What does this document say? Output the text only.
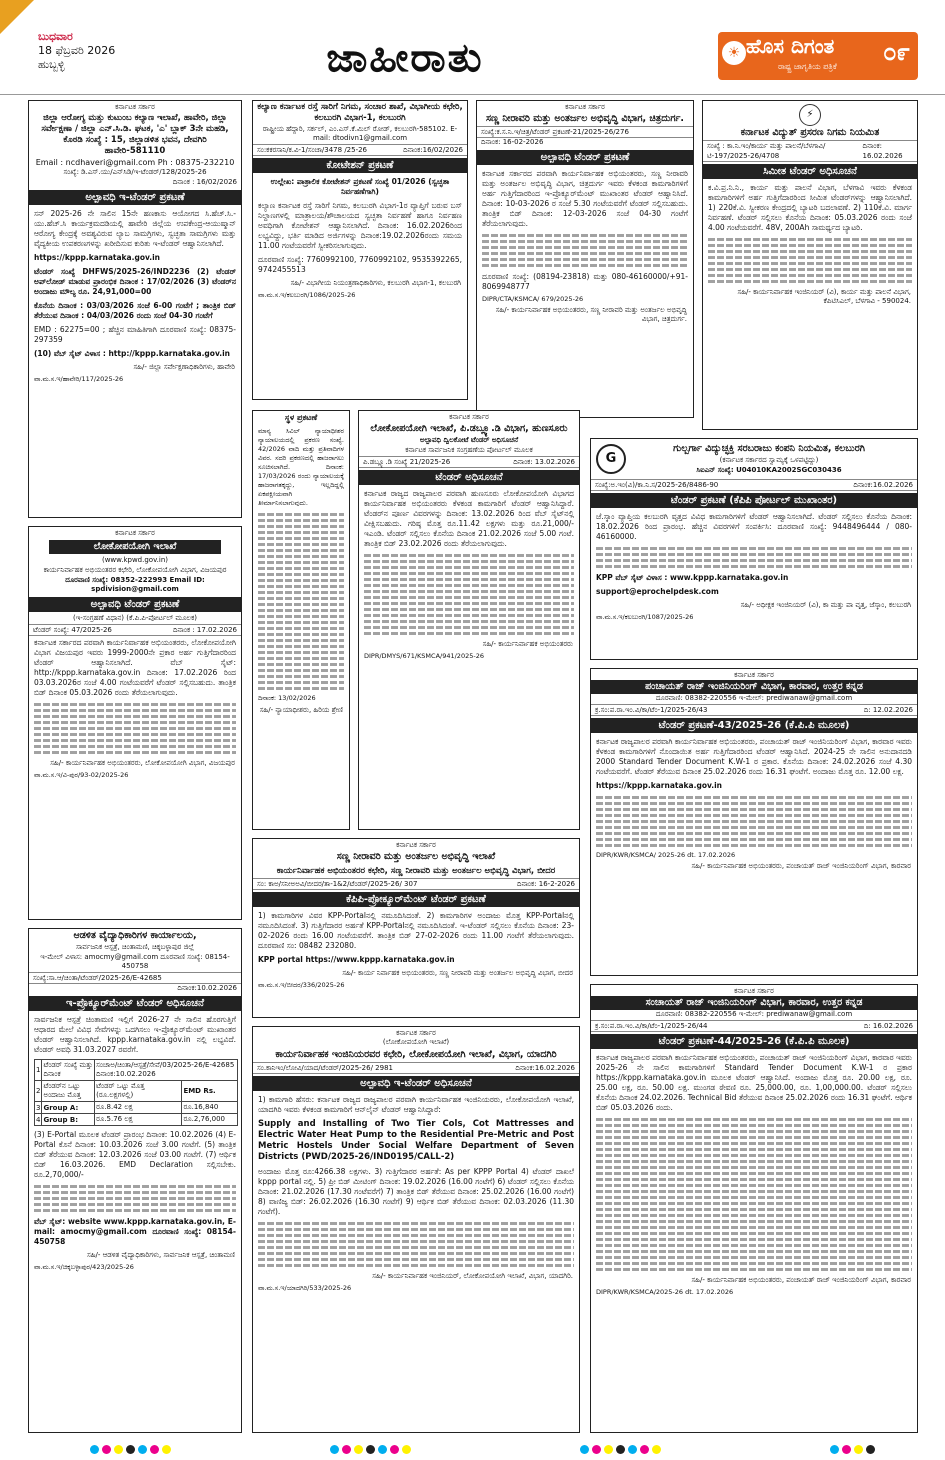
ಬುಧವಾರ
18 ಫೆಬ್ರವರಿ 2026
ಹುಬ್ಬಳ್ಳಿ	ಜಾಹೀರಾತು	☀ ಹೊಸ ದಿಗಂತ
ರಾಷ್ಟ್ರ ಜಾಗೃತಿಯ ಪತ್ರಿಕೆ
೦೯
ಕರ್ನಾಟಕ ಸರ್ಕಾರ
ಜಿಲ್ಲಾ ಆರೋಗ್ಯ ಮತ್ತು ಕುಟುಂಬ ಕಲ್ಯಾಣ ಇಲಾಖೆ, ಹಾವೇರಿ, ಜಿಲ್ಲಾ ಸರ್ವೇಕ್ಷಣಾ / ಜಿಲ್ಲಾ ಎನ್.ಸಿ.ಡಿ. ಘಟಕ, 'ಎ' ಬ್ಲಾಕ್ 3ನೇ ಮಹಡಿ, ಕೊಠಡಿ ಸಂಖ್ಯೆ : 15, ಜಿಲ್ಲಾಡಳಿತ ಭವನ, ದೇವಗಿರಿ ಹಾವೇರಿ-581110
Email : ncdhaveri@gmail.com Ph : 08375-232210
ಸಂಖ್ಯೆ: ಡಿ.ಎಸ್.ಯು/ಎನ್‌ಸಿಡಿ/ಇ-ಟೆಂಡರ್/128/2025-26
ದಿನಾಂಕ : 16/02/2026
ಅಲ್ಪಾವಧಿ ಇ-ಟೆಂಡರ್ ಪ್ರಕಟಣೆ
ಸನ್ 2025-26 ನೇ ಸಾಲಿನ 15ನೇ ಹಣಕಾಸು ಆಯೋಗದ ಸಿ.ಹೆಚ್.ಸಿ.-ಯು.ಹೆಚ್.ಸಿ ಕಾರ್ಯಕ್ರಮದಡಿಯಲ್ಲಿ ಹಾವೇರಿ ಜಿಲ್ಲೆಯ ಉಪಕೇಂದ್ರ-ಆಯುಷ್ಮಾನ್ ಆರೋಗ್ಯ ಕೇಂದ್ರಕ್ಕೆ ಅವಶ್ಯವಿರುವ ಲ್ಯಾಬ ಸಾಮಗ್ರಿಗಳು, ಸ್ವಚ್ಛತಾ ಸಾಮಗ್ರಿಗಳು ಮತ್ತು ವೈದ್ಯಕೀಯ ಉಪಕರಣಗಳನ್ನು ಖರೀದಿಸುವ ಕುರಿತು ಇ-ಟೆಂಡರ್ ಆಹ್ವಾನಿಸಲಾಗಿದೆ.
https://kppp.karnataka.gov.in
ಟೆಂಡರ್ ಸಂಖ್ಯೆ DHFWS/2025-26/IND2236 (2) ಟೆಂಡರ್ ಅಪ್‌ಲೋಡ್ ಮಾಡುವ ಪ್ರಾರಂಭಿಕ ದಿನಾಂಕ : 17/02/2026 (3) ಟೆಂಡರ್‌ನ ಅಂದಾಜು ಮೌಲ್ಯ ರೂ. 24,91,000=00
ಕೊನೆಯ ದಿನಾಂಕ : 03/03/2026 ಸಂಜೆ 6-00 ಗಂಟೆಗೆ ; ತಾಂತ್ರಿಕ ಬಿಡ್ ತೆರೆಯುವ ದಿನಾಂಕ : 04/03/2026 ರಂದು ಸಂಜೆ 04-30 ಗಂಟೆಗೆ
EMD : 62275=00 ; ಹೆಚ್ಚಿನ ಮಾಹಿತಿಗಾಗಿ ದೂರವಾಣಿ ಸಂಖ್ಯೆ: 08375-297359
(10) ವೆಬ್ ಸೈಟ್ ವಿಳಾಸ : http://kppp.karnataka.gov.in
ಸಹಿ/- ಜಿಲ್ಲಾ ಸರ್ವೇಕ್ಷಣಾಧಿಕಾರಿಗಳು, ಹಾವೇರಿ
ವಾ.ಮ.ಸ.ಇ/ಹಾವೇರಿ/117/2025-26
ಕಲ್ಯಾಣ ಕರ್ನಾಟಕ ರಸ್ತೆ ಸಾರಿಗೆ ನಿಗಮ, ಸಂಚಾರ ಶಾಖೆ, ವಿಭಾಗೀಯ ಕಛೇರಿ, ಕಲಬುರಗಿ ವಿಭಾಗ-1, ಕಲಬುರಗಿ
ರಾಷ್ಟ್ರೀಯ ಹೆದ್ದಾರಿ, ಸರ್ಕಲ್, ಎಂ.ಎಸ್.ಕೆ.ಮಿಲ್ ರೋಡ್, ಕಲಬುರಗಿ-585102. E-mail: dtodivn1@gmail.com
ಸಂ:ಕಕರಸಾನಿ/ಕ.ವಿ-1/ಸಂಚಾ/3478 /25-26	ದಿನಾಂಕ:16/02/2026
ಕೋಟೇಶನ್ ಪ್ರಕಟಣೆ
ಉಲ್ಲೇಖ: ಪಾತ್ರಾಲಿಕ ಕೋಟೇಶನ್ ಪ್ರಕಟಣೆ ಸಂಖ್ಯೆ 01/2026 (ಸ್ವಚ್ಛತಾ ನಿರ್ವಹಣೆಗಾಗಿ)
ಕಲ್ಯಾಣ ಕರ್ನಾಟಕ ರಸ್ತೆ ಸಾರಿಗೆ ನಿಗಮ, ಕಲಬುರಗಿ ವಿಭಾಗ-1ರ ವ್ಯಾಪ್ತಿಗೆ ಬರುವ ಬಸ್ ನಿಲ್ದಾಣಗಳಲ್ಲಿ ಮಾತ್ರಾಲಯ/ಶೌಚಾಲಯದ ಸ್ವಚ್ಛತಾ ನಿರ್ವಹಣೆ ಹಾಗೂ ನಿರ್ವಹಣ ಅವಧಿಗಾಗಿ ಕೋಟೇಶನ್ ಆಹ್ವಾನಿಸಲಾಗಿದೆ. ದಿನಾಂಕ: 16.02.2026ರಿಂದ ಲಭ್ಯವಿದ್ದು, ಭರ್ತಿ ಮಾಡಿದ ಅರ್ಜಿಗಳನ್ನು ದಿನಾಂಕ:19.02.2026ರಂದು ಸಮಯ 11.00 ಗಂಟೆಯವರೆಗೆ ಸ್ವೀಕರಿಸಲಾಗುವುದು.
ದೂರವಾಣಿ ಸಂಖ್ಯೆ: 7760992100, 7760992102, 9535392265, 9742455513
ಸಹಿ/- ವಿಭಾಗೀಯ ನಿಯಂತ್ರಣಾಧಿಕಾರಿಗಳು, ಕಲಬುರಗಿ ವಿಭಾಗ-1, ಕಲಬುರಗಿ
ವಾ.ಮ.ಸ.ಇ/ಕಲಬುರಗಿ/1086/2025-26
ಕರ್ನಾಟಕ ಸರ್ಕಾರ
ಸಣ್ಣ ನೀರಾವರಿ ಮತ್ತು ಅಂತರ್ಜಲ ಅಭಿವೃದ್ಧಿ ವಿಭಾಗ, ಚಿತ್ರದುರ್ಗ.
ಸಂಖ್ಯೆ:ಕ.ಸ.ನಿ.ಇ/ಚಿತ್ರ/ಟೆಂಡರ್ ಪ್ರಕಟಣೆ-21/2025-26/276
ದಿನಾಂಕ: 16-02-2026
ಅಲ್ಪಾವಧಿ ಟೆಂಡರ್ ಪ್ರಕಟಣೆ
ಕರ್ನಾಟಕ ಸರ್ಕಾರದ ಪರವಾಗಿ ಕಾರ್ಯನಿರ್ವಾಹಕ ಅಭಿಯಂತರರು, ಸಣ್ಣ ನೀರಾವರಿ ಮತ್ತು ಅಂತರ್ಜಲ ಅಭಿವೃದ್ಧಿ ವಿಭಾಗ, ಚಿತ್ರದುರ್ಗ ಇವರು ಕೆಳಕಂಡ ಕಾಮಗಾರಿಗಳಿಗೆ ಅರ್ಹ ಗುತ್ತಿಗೆದಾರರಿಂದ ಇ-ಪ್ರೊಕ್ಯೂರ್‌ಮೆಂಟ್ ಮುಖಾಂತರ ಟೆಂಡರ್ ಆಹ್ವಾನಿಸಿದೆ. ದಿನಾಂಕ: 10-03-2026 ರ ಸಂಜೆ 5.30 ಗಂಟೆಯವರೆಗೆ ಟೆಂಡರ್ ಸಲ್ಲಿಸಬಹುದು. ತಾಂತ್ರಿಕ ಬಿಡ್ ದಿನಾಂಕ: 12-03-2026 ಸಂಜೆ 04-30 ಗಂಟೆಗೆ ತೆರೆಯಲಾಗುವುದು.
ದೂರವಾಣಿ ಸಂಖ್ಯೆ: (08194-23818) ಮತ್ತು 080-46160000/+91-8069948777
DIPR/CTA/KSMCA/ 679/2025-26
ಸಹಿ/- ಕಾರ್ಯನಿರ್ವಾಹಕ ಅಭಿಯಂತರರು, ಸಣ್ಣ ನೀರಾವರಿ ಮತ್ತು ಅಂತರ್ಜಲ ಅಭಿವೃದ್ಧಿ ವಿಭಾಗ, ಚಿತ್ರದುರ್ಗ.
⚡
ಕರ್ನಾಟಕ ವಿದ್ಯುತ್ ಪ್ರಸರಣ ನಿಗಮ ನಿಯಮಿತ
ಸಂಖ್ಯೆ : ಕಾ.ನಿ.ಇಂ/ಕಾರ್ಯ ಮತ್ತು ಪಾಲನೆ/ಬೆಳಗಾವಿ/ಟಿ-197/2025-26/4708
ದಿನಾಂಕ: 16.02.2026
ಸಿಮೀತ ಟೆಂಡರ್ ಅಧಿಸೂಚನೆ
ಕ.ವಿ.ಪ್ರ.ನಿ.ನಿ., ಕಾರ್ಯ ಮತ್ತು ಪಾಲನೆ ವಿಭಾಗ, ಬೆಳಗಾವಿ ಇವರು ಕೆಳಕಂಡ ಕಾಮಗಾರಿಗಳಿಗೆ ಅರ್ಹ ಗುತ್ತಿಗೆದಾರರಿಂದ ಸೀಮಿತ ಟೆಂಡರ್‌ಗಳನ್ನು ಆಹ್ವಾನಿಸಲಾಗಿದೆ. 1) 220ಕೆ.ವಿ. ಸ್ವೀಕರಣ ಕೇಂದ್ರದಲ್ಲಿ ಬ್ಯಾಟರಿ ಬದಲಾವಣೆ. 2) 110ಕೆ.ವಿ. ಮಾರ್ಗ ನಿರ್ವಹಣೆ. ಟೆಂಡರ್ ಸಲ್ಲಿಸಲು ಕೊನೆಯ ದಿನಾಂಕ: 05.03.2026 ರಂದು ಸಂಜೆ 4.00 ಗಂಟೆಯವರೆಗೆ. 48V, 200Ah ಸಾಮರ್ಥ್ಯದ ಬ್ಯಾಟರಿ.
ಸಹಿ/- ಕಾರ್ಯನಿರ್ವಾಹಕ ಇಂಜಿನಿಯರ್ (ವಿ), ಕಾರ್ಯ ಮತ್ತು ಪಾಲನೆ ವಿಭಾಗ, ಕೆಪಿಟಿಸಿಎಲ್, ಬೆಳಗಾವಿ - 590024.
ಕರ್ನಾಟಕ ಸರ್ಕಾರ
ಲೋಕೋಪಯೋಗಿ ಇಲಾಖೆ
(www.kpwd.gov.in)
ಕಾರ್ಯನಿರ್ವಾಹಕ ಅಭಿಯಂತರರ ಕಛೇರಿ, ಲೋಕೋಪಯೋಗಿ ವಿಭಾಗ, ವಿಜಯಪುರ
ದೂರವಾಣಿ ಸಂಖ್ಯೆ: 08352-222993 Email ID: spdivision@gmail.com
ಅಲ್ಪಾವಧಿ ಟೆಂಡರ್ ಪ್ರಕಟಣೆ
(ಇ-ಸಂಗ್ರಹಣೆ ವಿಧಾನ) (ಕೆ.ಪಿ.ಪಿ-ಪೋರ್ಟಲ್ ಮೂಲಕ)
ಟೆಂಡರ್ ಸಂಖ್ಯೆ: 47/2025-26	ದಿನಾಂಕ : 17.02.2026
ಕರ್ನಾಟಕ ಸರ್ಕಾರದ ಪರವಾಗಿ ಕಾರ್ಯನಿರ್ವಾಹಕ ಅಭಿಯಂತರರು, ಲೋಕೋಪಯೋಗಿ ವಿಭಾಗ ವಿಜಯಪುರ ಇವರು 1999-2000ನೇ ಪ್ರಕಾರ ಅರ್ಹ ಗುತ್ತಿಗೆದಾರರಿಂದ ಟೆಂಡರ್ ಆಹ್ವಾನಿಸಲಾಗಿದೆ. ವೆಬ್ ಸೈಟ್: http://kppp.karnataka.gov.in ದಿನಾಂಕ: 17.02.2026 ರಿಂದ 03.03.2026ರ ಸಂಜೆ 4.00 ಗಂಟೆಯವರೆಗೆ ಟೆಂಡರ್ ಸಲ್ಲಿಸಬಹುದು. ತಾಂತ್ರಿಕ ಬಿಡ್ ದಿನಾಂಕ 05.03.2026 ರಂದು ತೆರೆಯಲಾಗುವುದು.
ಸಹಿ/- ಕಾರ್ಯನಿರ್ವಾಹಕ ಅಭಿಯಂತರರು, ಲೋಕೋಪಯೋಗಿ ವಿಭಾಗ, ವಿಜಯಪುರ
ವಾ.ಮ.ಸ.ಇ/ವಿ-ಪುರ/93-02/2025-26
ಸ್ಥಳ ಪ್ರಕಟಣೆ
ಮಾನ್ಯ ಸಿವಿಲ್ ನ್ಯಾಯಾಧೀಶರ ನ್ಯಾಯಾಲಯದಲ್ಲಿ ಪ್ರಕರಣ ಸಂಖ್ಯೆ. 42/2026 ವಾದಿ ಮತ್ತು ಪ್ರತಿವಾದಿಗಳ ವಿವರ. ಸದರಿ ಪ್ರಕರಣದಲ್ಲಿ ಹಾಜರಾಗಲು ಸೂಚಿಸಲಾಗಿದೆ. ದಿನಾಂಕ: 17/03/2026 ರಂದು ನ್ಯಾಯಾಲಯಕ್ಕೆ ಹಾಜರಾಗತಕ್ಕದ್ದು, ಇಲ್ಲದಿದ್ದಲ್ಲಿ ಏಕಪಕ್ಷೀಯವಾಗಿ ತೀರ್ಮಾನಿಸಲಾಗುವುದು.
ದಿನಾಂಕ: 13/02/2026
ಸಹಿ/- ನ್ಯಾಯಾಧೀಶರು, ಹಿರಿಯ ಶ್ರೇಣಿ
ಕರ್ನಾಟಕ ಸರ್ಕಾರ
ಲೋಕೋಪಯೋಗಿ ಇಲಾಖೆ, ಪಿ.ಡಬ್ಲ್ಯೂ.ಡಿ ವಿಭಾಗ, ಹುಣಸೂರು
ಅಲ್ಪಾವಧಿ ದ್ವಿಲಕೋಟೆ ಟೆಂಡರ್ ಅಧಿಸೂಚನೆ
ಕರ್ನಾಟಕ ಸಾರ್ವಜನಿಕ ಸಂಗ್ರಹಣೆಯ ಪೋರ್ಟಲ್ ಮೂಲಕ
ಪಿ.ಡಬ್ಲ್ಯೂ.ಡಿ ಸಂಖ್ಯೆ 21/2025-26	ದಿನಾಂಕ: 13.02.2026
ಟೆಂಡರ್ ಅಧಿಸೂಚನೆ
ಕರ್ನಾಟಕ ರಾಜ್ಯದ ರಾಜ್ಯಪಾಲರ ಪರವಾಗಿ ಹುಣಸೂರು ಲೋಕೋಪಯೋಗಿ ವಿಭಾಗದ ಕಾರ್ಯನಿರ್ವಾಹಕ ಅಭಿಯಂತರರು ಕೆಳಕಂಡ ಕಾಮಗಾರಿಗೆ ಟೆಂಡರ್ ಆಹ್ವಾನಿಸಿದ್ದಾರೆ. ಟೆಂಡರ್‌ನ ಪೂರ್ಣ ವಿವರಗಳನ್ನು ದಿನಾಂಕ: 13.02.2026 ರಿಂದ ವೆಬ್ ಸೈಟ್‌ನಲ್ಲಿ ವೀಕ್ಷಿಸಬಹುದು. ಗರಿಷ್ಠ ಮೊತ್ತ ರೂ.11.42 ಲಕ್ಷಗಳು ಮತ್ತು ರೂ.21,000/- ಇಎಂಡಿ. ಟೆಂಡರ್ ಸಲ್ಲಿಸಲು ಕೊನೆಯ ದಿನಾಂಕ 21.02.2026 ಸಂಜೆ 5.00 ಗಂಟೆ. ತಾಂತ್ರಿಕ ಬಿಡ್ 23.02.2026 ರಂದು ತೆರೆಯಲಾಗುವುದು.
ಸಹಿ/- ಕಾರ್ಯನಿರ್ವಾಹಕ ಅಭಿಯಂತರರು
DIPR/DMYS/671/KSMCA/941/2025-26
G
ಗುಲ್ಬರ್ಗಾ ವಿದ್ಯುಚ್ಛಕ್ತಿ ಸರಬರಾಜು ಕಂಪನಿ ನಿಯಮಿತ, ಕಲಬುರಗಿ
(ಕರ್ನಾಟಕ ಸರ್ಕಾರದ ಸ್ವಾಮ್ಯಕ್ಕೆ ಒಳಪಟ್ಟಿದ್ದು)
ಸಿಐಎನ್ ಸಂಖ್ಯೆ: U04010KA2002SGC030436
ಸಂಖ್ಯೆ:ಅ.ಇಂ(ವಿ)/ಕಾ.ನಿ.ಸ/2025-26/8486-90	ದಿನಾಂಕ:16.02.2026
ಟೆಂಡರ್ ಪ್ರಕಟಣೆ (ಕೆಪಿಪಿ ಪೋರ್ಟಲ್ ಮುಖಾಂತರ)
ಜೆ.ಸ್ಕಾಂ ವ್ಯಾಪ್ತಿಯ ಕಲಬುರಗಿ ವೃತ್ತದ ವಿವಿಧ ಕಾಮಗಾರಿಗಳಿಗೆ ಟೆಂಡರ್ ಆಹ್ವಾನಿಸಲಾಗಿದೆ. ಟೆಂಡರ್ ಸಲ್ಲಿಸಲು ಕೊನೆಯ ದಿನಾಂಕ: 18.02.2026 ರಿಂದ ಪ್ರಾರಂಭ. ಹೆಚ್ಚಿನ ವಿವರಗಳಿಗೆ ಸಂಪರ್ಕಿಸಿ: ದೂರವಾಣಿ ಸಂಖ್ಯೆ: 9448496444 / 080-46160000.
KPP ವೆಬ್ ಸೈಟ್ ವಿಳಾಸ : www.kppp.karnataka.gov.in
support@eprochelpdesk.com
ಸಹಿ/- ಅಧೀಕ್ಷಕ ಇಂಜಿನಿಯರ್ (ವಿ), ಕಾ ಮತ್ತು ಪಾ ವೃತ್ತ, ಜೆಸ್ಕಾಂ, ಕಲಬುರಗಿ
ವಾ.ಮ.ಸ.ಇ/ಕಲಬುರಗಿ/1087/2025-26
ಕರ್ನಾಟಕ ಸರ್ಕಾರ
ಸಣ್ಣ ನೀರಾವರಿ ಮತ್ತು ಅಂತರ್ಜಲ ಅಭಿವೃದ್ಧಿ ಇಲಾಖೆ
ಕಾರ್ಯನಿರ್ವಾಹಕ ಅಭಿಯಂತರರ ಕಛೇರಿ, ಸಣ್ಣ ನೀರಾವರಿ ಮತ್ತು ಅಂತರ್ಜಲ ಅಭಿವೃದ್ಧಿ ವಿಭಾಗ, ಬೀದರ
ಸಂ: ಕಾಅ/ಸನೀಅಅವಿ/ಬೀದರ/ತಾ-1&2/ಟೆಂಡರ್/2025-26/ 307	ದಿನಾಂಕ: 16-2-2026
ಕೆಪಿಪಿ-ಪ್ರೋಕ್ಯೂರ್‌ಮೆಂಟ್ ಟೆಂಡರ್ ಪ್ರಕಟಣೆ
1) ಕಾಮಗಾರಿಗಳ ವಿವರ KPP-Portalನಲ್ಲಿ ನಮೂದಿಸಿದಂತೆ. 2) ಕಾಮಗಾರಿಗಳ ಅಂದಾಜು ಮೊತ್ತ KPP-Portalನಲ್ಲಿ ನಮೂದಿಸಿದಂತೆ. 3) ಗುತ್ತಿಗೆದಾರರ ಅರ್ಹತೆ KPP-Portalನಲ್ಲಿ ನಮೂದಿಸಿದಂತೆ. ಇ-ಟೆಂಡರ್ ಸಲ್ಲಿಸಲು ಕೊನೆಯ ದಿನಾಂಕ: 23-02-2026 ರಂದು 16.00 ಗಂಟೆಯವರೆಗೆ. ತಾಂತ್ರಿಕ ಬಿಡ್ 27-02-2026 ರಂದು 11.00 ಗಂಟೆಗೆ ತೆರೆಯಲಾಗುವುದು. ದೂರವಾಣಿ ಸಂ: 08482 232080.
KPP portal https://www.kppp.karnataka.gov.in
ಸಹಿ/- ಕಾರ್ಯ ನಿರ್ವಾಹಕ ಅಭಿಯಂತರರು, ಸಣ್ಣ ನೀರಾವರಿ ಮತ್ತು ಅಂತರ್ಜಲ ಅಭಿವೃದ್ಧಿ ವಿಭಾಗ, ಬೀದರ
ವಾ.ಮ.ಸ.ಇ/ಬೀದರ/336/2025-26
ಆಡಳಿತ ವೈದ್ಯಾಧಿಕಾರಿಗಳ ಕಾರ್ಯಾಲಯ,
ಸಾರ್ವಜನಿಕ ಆಸ್ಪತ್ರೆ, ಚಿಂತಾಮಣಿ, ಚಿಕ್ಕಬಳ್ಳಾಪುರ ಜಿಲ್ಲೆ
ಇ-ಮೇಲ್ ವಿಳಾಸ: amocmy@gmail.com ದೂರವಾಣಿ ಸಂಖ್ಯೆ: 08154-450758
ಸಂಖ್ಯೆ:ಸಾ.ಆ/ಚಿಂತಾ/ಟೆಂಡರ್/2025-26/E-42685
ದಿನಾಂಕ:10.02.2026
ಇ-ಪ್ರೊಕ್ಯೂರ್‌ಮೆಂಟ್ ಟೆಂಡರ್ ಅಧಿಸೂಚನೆ
ಸಾರ್ವಜನಿಕ ಆಸ್ಪತ್ರೆ ಚಿಂತಾಮಣಿ ಇಲ್ಲಿಗೆ 2026-27 ನೇ ಸಾಲಿನ ಹೊರಗುತ್ತಿಗೆ ಆಧಾರದ ಮೇಲೆ ವಿವಿಧ ಸೇವೆಗಳನ್ನು ಒದಗಿಸಲು ಇ-ಪ್ರೊಕ್ಯೂರ್‌ಮೆಂಟ್ ಮುಖಾಂತರ ಟೆಂಡರ್ ಆಹ್ವಾನಿಸಲಾಗಿದೆ. kppp.karnataka.gov.in ನಲ್ಲಿ ಲಭ್ಯವಿದೆ. ಟೆಂಡರ್ ಅವಧಿ 31.03.2027 ರವರೆಗೆ.
1	ಟೆಂಡರ್ ಸಂಖ್ಯೆ ಮತ್ತು ದಿನಾಂಕ	ಸಂಚಾಅ/ಚಿಂತಾ/ಆಸ್ಪತ್ರೆ/ಸೇವೆ/03/2025-26/E-42685 ದಿನಾಂಕ:10.02.2026	
2	ಟೆಂಡರ್‌ನ ಒಟ್ಟು ಅಂದಾಜು ಮೊತ್ತ	ಟೆಂಡರ್ ಒಟ್ಟು ಮೊತ್ತ (ರೂ.ಲಕ್ಷಗಳಲ್ಲಿ)	EMD Rs.
3	Group A:	ರೂ.8.42 ಲಕ್ಷ	ರೂ.16,840
4	Group B:	ರೂ.5.76 ಲಕ್ಷ	ರೂ.2,76,000
(3) E-Portal ಮೂಲಕ ಟೆಂಡರ್ ಪ್ರಾರಂಭ ದಿನಾಂಕ: 10.02.2026 (4) E-Portal ಕೊನೆ ದಿನಾಂಕ: 10.03.2026 ಸಂಜೆ 3.00 ಗಂಟೆಗೆ. (5) ತಾಂತ್ರಿಕ ಬಿಡ್ ತೆರೆಯುವ ದಿನಾಂಕ: 12.03.2026 ಸಂಜೆ 03.00 ಗಂಟೆಗೆ. (7) ಆರ್ಥಿಕ ಬಿಡ್ 16.03.2026. EMD Declaration ಸಲ್ಲಿಸಬೇಕು. ರೂ.2,70,000/-
ವೆಬ್ ಸೈಟ್: website www.kppp.karnataka.gov.in, E-mail: amocmy@gmail.com ದೂರವಾಣಿ ಸಂಖ್ಯೆ: 08154-450758
ಸಹಿ/- ಆಡಳಿತ ವೈದ್ಯಾಧಿಕಾರಿಗಳು, ಸಾರ್ವಜನಿಕ ಆಸ್ಪತ್ರೆ, ಚಿಂತಾಮಣಿ
ವಾ.ಮ.ಸ.ಇ/ಚಿಕ್ಕಬಳ್ಳಾಪುರ/423/2025-26
ಕರ್ನಾಟಕ ಸರ್ಕಾರ
ಪಂಚಾಯತ್ ರಾಜ್ ಇಂಜಿನಿಯರಿಂಗ್ ವಿಭಾಗ, ಕಾರವಾರ, ಉತ್ತರ ಕನ್ನಡ
ದೂರವಾಣಿ: 08382-220556 ಇ-ಮೇಲ್: prediwanaw@gmail.com
ಕ್ರ.ಸಂ:ಪ.ರಾ.ಇಂ.ವಿ/ಕಾ/ಟೆಂ-1/2025-26/43	ದಿ: 12.02.2026
ಟೆಂಡರ್ ಪ್ರಕಟಣೆ-43/2025-26 (ಕೆ.ಪಿ.ಪಿ ಮೂಲಕ)
ಕರ್ನಾಟಕ ರಾಜ್ಯಪಾಲರ ಪರವಾಗಿ ಕಾರ್ಯನಿರ್ವಾಹಕ ಅಭಿಯಂತರರು, ಪಂಚಾಯತ್ ರಾಜ್ ಇಂಜಿನಿಯರಿಂಗ್ ವಿಭಾಗ, ಕಾರವಾರ ಇವರು ಕೆಳಕಂಡ ಕಾಮಗಾರಿಗಳಿಗೆ ನೊಂದಾಯಿತ ಅರ್ಹ ಗುತ್ತಿಗೆದಾರರಿಂದ ಟೆಂಡರ್ ಆಹ್ವಾನಿಸಿದೆ. 2024-25 ನೇ ಸಾಲಿನ ಅನುದಾನದಡಿ 2000 Standard Tender Document K.W-1 ರ ಪ್ರಕಾರ. ಕೊನೆಯ ದಿನಾಂಕ: 24.02.2026 ಸಂಜೆ 4.30 ಗಂಟೆಯವರೆಗೆ. ಟೆಂಡರ್ ತೆರೆಯುವ ದಿನಾಂಕ 25.02.2026 ರಂದು 16.31 ಘಂಟೆಗೆ. ಅಂದಾಜು ಮೊತ್ತ ರೂ. 12.00 ಲಕ್ಷ.
https://kppp.karnataka.gov.in
DIPR/KWR/KSMCA/ 2025-26 dt. 17.02.2026
ಸಹಿ/- ಕಾರ್ಯನಿರ್ವಾಹಕ ಅಭಿಯಂತರರು, ಪಂಚಾಯತ್ ರಾಜ್ ಇಂಜಿನಿಯರಿಂಗ್ ವಿಭಾಗ, ಕಾರವಾರ
ಕರ್ನಾಟಕ ಸರ್ಕಾರ
ಸಂಚಾಯತ್ ರಾಜ್ ಇಂಜಿನಿಯರಿಂಗ್ ವಿಭಾಗ, ಕಾರವಾರ, ಉತ್ತರ ಕನ್ನಡ
ದೂರವಾಣಿ: 08382-220556 ಇ-ಮೇಲ್: prediwanaw@gmail.com
ಕ್ರ.ಸಂ:ಪ.ರಾ.ಇಂ.ವಿ/ಕಾ/ಟೆಂ-1/2025-26/44	ದಿ: 16.02.2026
ಟೆಂಡರ್ ಪ್ರಕಟಣೆ-44/2025-26 (ಕೆ.ಪಿ.ಪಿ ಮೂಲಕ)
ಕರ್ನಾಟಕ ರಾಜ್ಯಪಾಲರ ಪರವಾಗಿ ಕಾರ್ಯನಿರ್ವಾಹಕ ಅಭಿಯಂತರರು, ಪಂಚಾಯತ್ ರಾಜ್ ಇಂಜಿನಿಯರಿಂಗ್ ವಿಭಾಗ, ಕಾರವಾರ ಇವರು 2025-26 ನೇ ಸಾಲಿನ ಕಾಮಗಾರಿಗಳಿಗೆ Standard Tender Document K.W-1 ರ ಪ್ರಕಾರ https://kppp.karnataka.gov.in ಮೂಲಕ ಟೆಂಡರ್ ಆಹ್ವಾನಿಸಿದೆ. ಅಂದಾಜು ಮೊತ್ತ ರೂ. 20.00 ಲಕ್ಷ, ರೂ. 25.00 ಲಕ್ಷ, ರೂ. 50.00 ಲಕ್ಷ. ಮುಂಗಡ ಠೇವಣಿ ರೂ. 25,000.00, ರೂ. 1,00,000.00. ಟೆಂಡರ್ ಸಲ್ಲಿಸಲು ಕೊನೆಯ ದಿನಾಂಕ 24.02.2026. Technical Bid ತೆರೆಯುವ ದಿನಾಂಕ 25.02.2026 ರಂದು 16.31 ಘಂಟೆಗೆ. ಆರ್ಥಿಕ ಬಿಡ್ 05.03.2026 ರಂದು.
ಸಹಿ/- ಕಾರ್ಯನಿರ್ವಾಹಕ ಅಭಿಯಂತರರು, ಪಂಚಾಯತ್ ರಾಜ್ ಇಂಜಿನಿಯರಿಂಗ್ ವಿಭಾಗ, ಕಾರವಾರ
DIPR/KWR/KSMCA/2025-26 dt. 17.02.2026
ಕರ್ನಾಟಕ ಸರ್ಕಾರ
(ಲೋಕೋಪಯೋಗಿ ಇಲಾಖೆ)
ಕಾರ್ಯನಿರ್ವಾಹಕ ಇಂಜಿನಿಯರವರ ಕಛೇರಿ, ಲೋಕೋಪಯೋಗಿ ಇಲಾಖೆ, ವಿಭಾಗ, ಯಾದಗಿರಿ
ಸಂ.ಕಾನಿಇಂ/ಲೋವಿ/ಯಾದ/ಟೆಂಡರ್/2025-26/ 2981	ದಿನಾಂಕ:16.02.2026
ಅಲ್ಪಾವಧಿ ಇ-ಟೆಂಡರ್ ಅಧಿಸೂಚನೆ
1) ಕಾಮಗಾರಿ ಹೆಸರು: ಕರ್ನಾಟಕ ರಾಜ್ಯದ ರಾಜ್ಯಪಾಲರ ಪರವಾಗಿ ಕಾರ್ಯನಿರ್ವಾಹಕ ಇಂಜಿನಿಯರರು, ಲೋಕೋಪಯೋಗಿ ಇಲಾಖೆ, ಯಾದಗಿರಿ ಇವರು ಕೆಳಕಂಡ ಕಾಮಗಾರಿಗೆ ಆನ್‌ಲೈನ್ ಟೆಂಡರ್ ಆಹ್ವಾನಿಸಿದ್ದಾರೆ:
Supply and Installing of Two Tier Cols, Cot Mattresses and Electric Water Heat Pump to the Residential Pre-Metric and Post Metric Hostels Under Social Welfare Department of Seven Districts (PWD/2025-26/IND0195/CALL-2)
ಅಂದಾಜು ಮೊತ್ತ ರೂ:4266.38 ಲಕ್ಷಗಳು. 3) ಗುತ್ತಿಗೆದಾರರ ಅರ್ಹತೆ: As per KPPP Portal 4) ಟೆಂಡರ್ ದಾಖಲೆ kppp portal ನಲ್ಲಿ. 5) ಪ್ರೀ ಬಿಡ್ ಮೀಟಿಂಗ್ ದಿನಾಂಕ: 19.02.2026 (16.00 ಗಂಟೆಗೆ) 6) ಟೆಂಡರ್ ಸಲ್ಲಿಸಲು ಕೊನೆಯ ದಿನಾಂಕ: 21.02.2026 (17.30 ಗಂಟೆವರೆಗೆ) 7) ತಾಂತ್ರಿಕ ಬಿಡ್ ತೆರೆಯುವ ದಿನಾಂಕ: 25.02.2026 (16.00 ಗಂಟೆಗೆ) 8) ವಾಣಿಜ್ಯ ಬಿಡ್: 26.02.2026 (16.30 ಗಂಟೆಗೆ) 9) ಆರ್ಥಿಕ ಬಿಡ್ ತೆರೆಯುವ ದಿನಾಂಕ: 02.03.2026 (11.30 ಗಂಟೆಗೆ).
ಸಹಿ/- ಕಾರ್ಯನಿರ್ವಾಹಕ ಇಂಜಿನಿಯರ್, ಲೋಕೋಪಯೋಗಿ ಇಲಾಖೆ, ವಿಭಾಗ, ಯಾದಗಿರಿ.
ವಾ.ಮ.ಸ.ಇ/ಯಾದಗಿರಿ/533/2025-26
